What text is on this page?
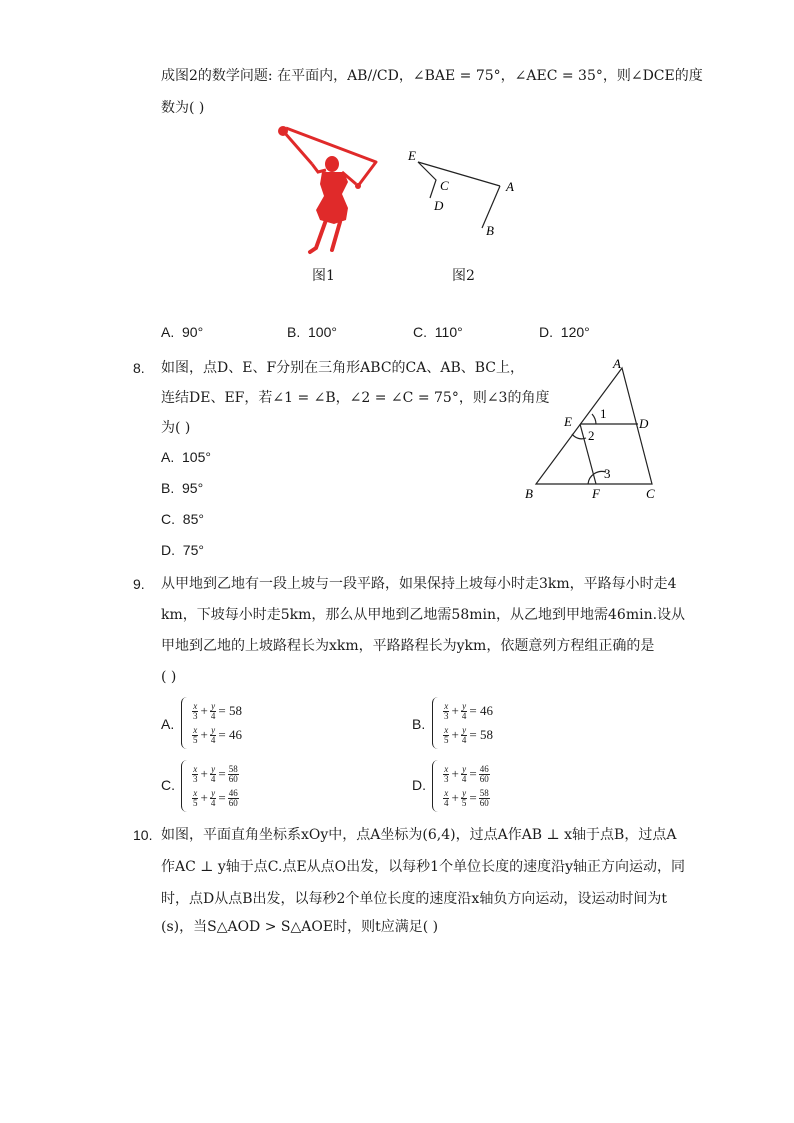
成图2的数学问题: 在平面内，AB//CD，∠BAE = 75°，∠AEC = 35°，则∠DCE的度
数为( )
E
C
D
A
B
图1	图2
A. 90°	B. 100°	C. 110°	D. 120°
8. 如图，点D、E、F分别在三角形ABC的CA、AB、BC上，
连结DE、EF，若∠1 = ∠B，∠2 = ∠C = 75°，则∠3的角度
为( )
A. 105°
B. 95°
C. 85°
D. 75°
A
E	D
B	F	C
1
2
3
9. 从甲地到乙地有一段上坡与一段平路，如果保持上坡每小时走3km，平路每小时走4
km，下坡每小时走5km，那么从甲地到乙地需58min，从乙地到甲地需46min.设从
甲地到乙地的上坡路程长为xkm，平路路程长为ykm，依题意列方程组正确的是
( )
A.
x
3 + y
4 = 58
x
5 + y
4 = 46
B.
x
3 + y
4 = 46
x
5 + y
4 = 58
C.
x
3 + y
4 = 58
60
x
5 + y
4 = 46
60
D.
x
3 + y
4 = 46
60
x
4 + y
5 = 58
60
10. 如图，平面直角坐标系xOy中，点A坐标为(6,4)，过点A作AB ⊥ x轴于点B，过点A
作AC ⊥ y轴于点C.点E从点O出发，以每秒1个单位长度的速度沿y轴正方向运动，同
时，点D从点B出发，以每秒2个单位长度的速度沿x轴负方向运动，设运动时间为t
(s)，当S△AOD > S△AOE时，则t应满足( )
